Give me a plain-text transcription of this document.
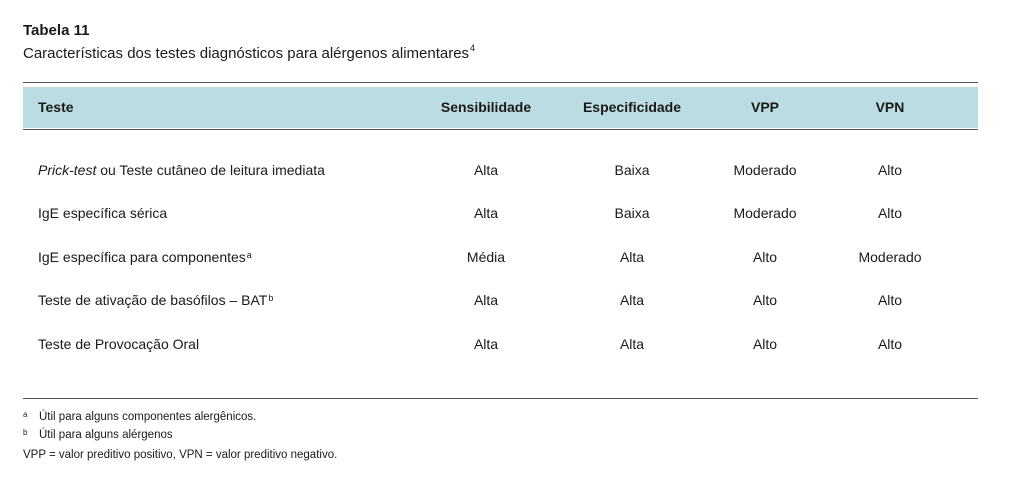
Tabela 11
Características dos testes diagnósticos para alérgenos alimentares$^4$
Teste	Sensibilidade	Especificidade	VPP	VPN
Prick-test ou Teste cutâneo de leitura imediata	Alta	Baixa	Moderado	Alto
IgE específica sérica	Alta	Baixa	Moderado	Alto
IgE específica para componentes$^a$	Média	Alta	Alto	Moderado
Teste de ativação de basófilos – BAT$^b$	Alta	Alta	Alto	Alto
Teste de Provocação Oral	Alta	Alta	Alto	Alto
a Útil para alguns componentes alergênicos.
b Útil para alguns alérgenos
VPP = valor preditivo positivo, VPN = valor preditivo negativo.
